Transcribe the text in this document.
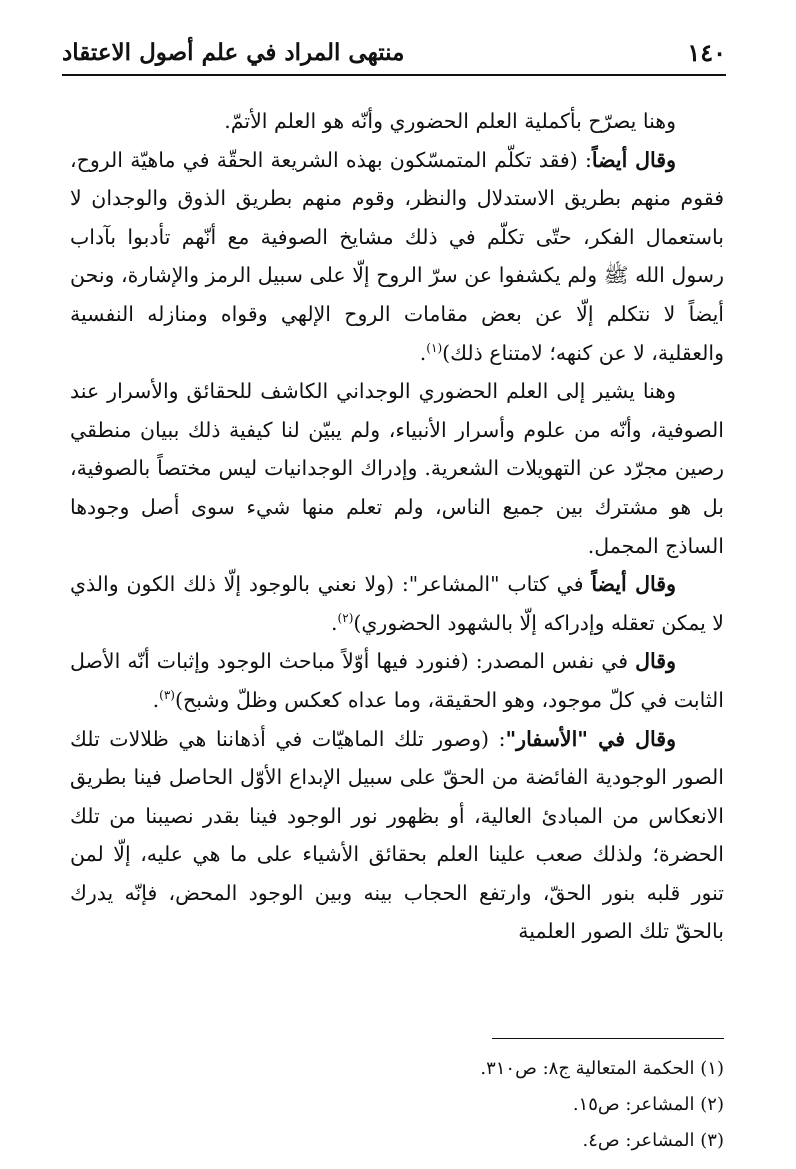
١٤٠
منتهى المراد في علم أصول الاعتقاد

وهنا يصرّح بأكملية العلم الحضوري وأنّه هو العلم الأتمّ.

وقال أيضاً: (فقد تكلّم المتمسّكون بهذه الشريعة الحقّة في ماهيّة الروح، فقوم منهم بطريق الاستدلال والنظر، وقوم منهم بطريق الذوق والوجدان لا باستعمال الفكر، حتّى تكلّم في ذلك مشايخ الصوفية مع أنّهم تأدبوا بآداب رسول الله ﷺ ولم يكشفوا عن سرّ الروح إلّا على سبيل الرمز والإشارة، ونحن أيضاً لا نتكلم إلّا عن بعض مقامات الروح الإلهي وقواه ومنازله النفسية والعقلية، لا عن كنهه؛ لامتناع ذلك)$^{(١)}$.

وهنا يشير إلى العلم الحضوري الوجداني الكاشف للحقائق والأسرار عند الصوفية، وأنّه من علوم وأسرار الأنبياء، ولم يبيّن لنا كيفية ذلك ببيان منطقي رصين مجرّد عن التهويلات الشعرية. وإدراك الوجدانيات ليس مختصاً بالصوفية، بل هو مشترك بين جميع الناس، ولم تعلم منها شيء سوى أصل وجودها الساذج المجمل.

وقال أيضاً في كتاب "المشاعر": (ولا نعني بالوجود إلّا ذلك الكون والذي لا يمكن تعقله وإدراكه إلّا بالشهود الحضوري)$^{(٢)}$.

وقال في نفس المصدر: (فنورد فيها أوّلاً مباحث الوجود وإثبات أنّه الأصل الثابت في كلّ موجود، وهو الحقيقة، وما عداه كعكس وظلّ وشبح)$^{(٣)}$.

وقال في "الأسفار": (وصور تلك الماهيّات في أذهاننا هي ظلالات تلك الصور الوجودية الفائضة من الحقّ على سبيل الإبداع الأوّل الحاصل فينا بطريق الانعكاس من المبادئ العالية، أو بظهور نور الوجود فينا بقدر نصيبنا من تلك الحضرة؛ ولذلك صعب علينا العلم بحقائق الأشياء على ما هي عليه، إلّا لمن تنور قلبه بنور الحقّ، وارتفع الحجاب بينه وبين الوجود المحض، فإنّه يدرك بالحقّ تلك الصور العلمية

(١) الحكمة المتعالية ج٨: ص٣١٠.
(٢) المشاعر: ص١٥.
(٣) المشاعر: ص٤.
